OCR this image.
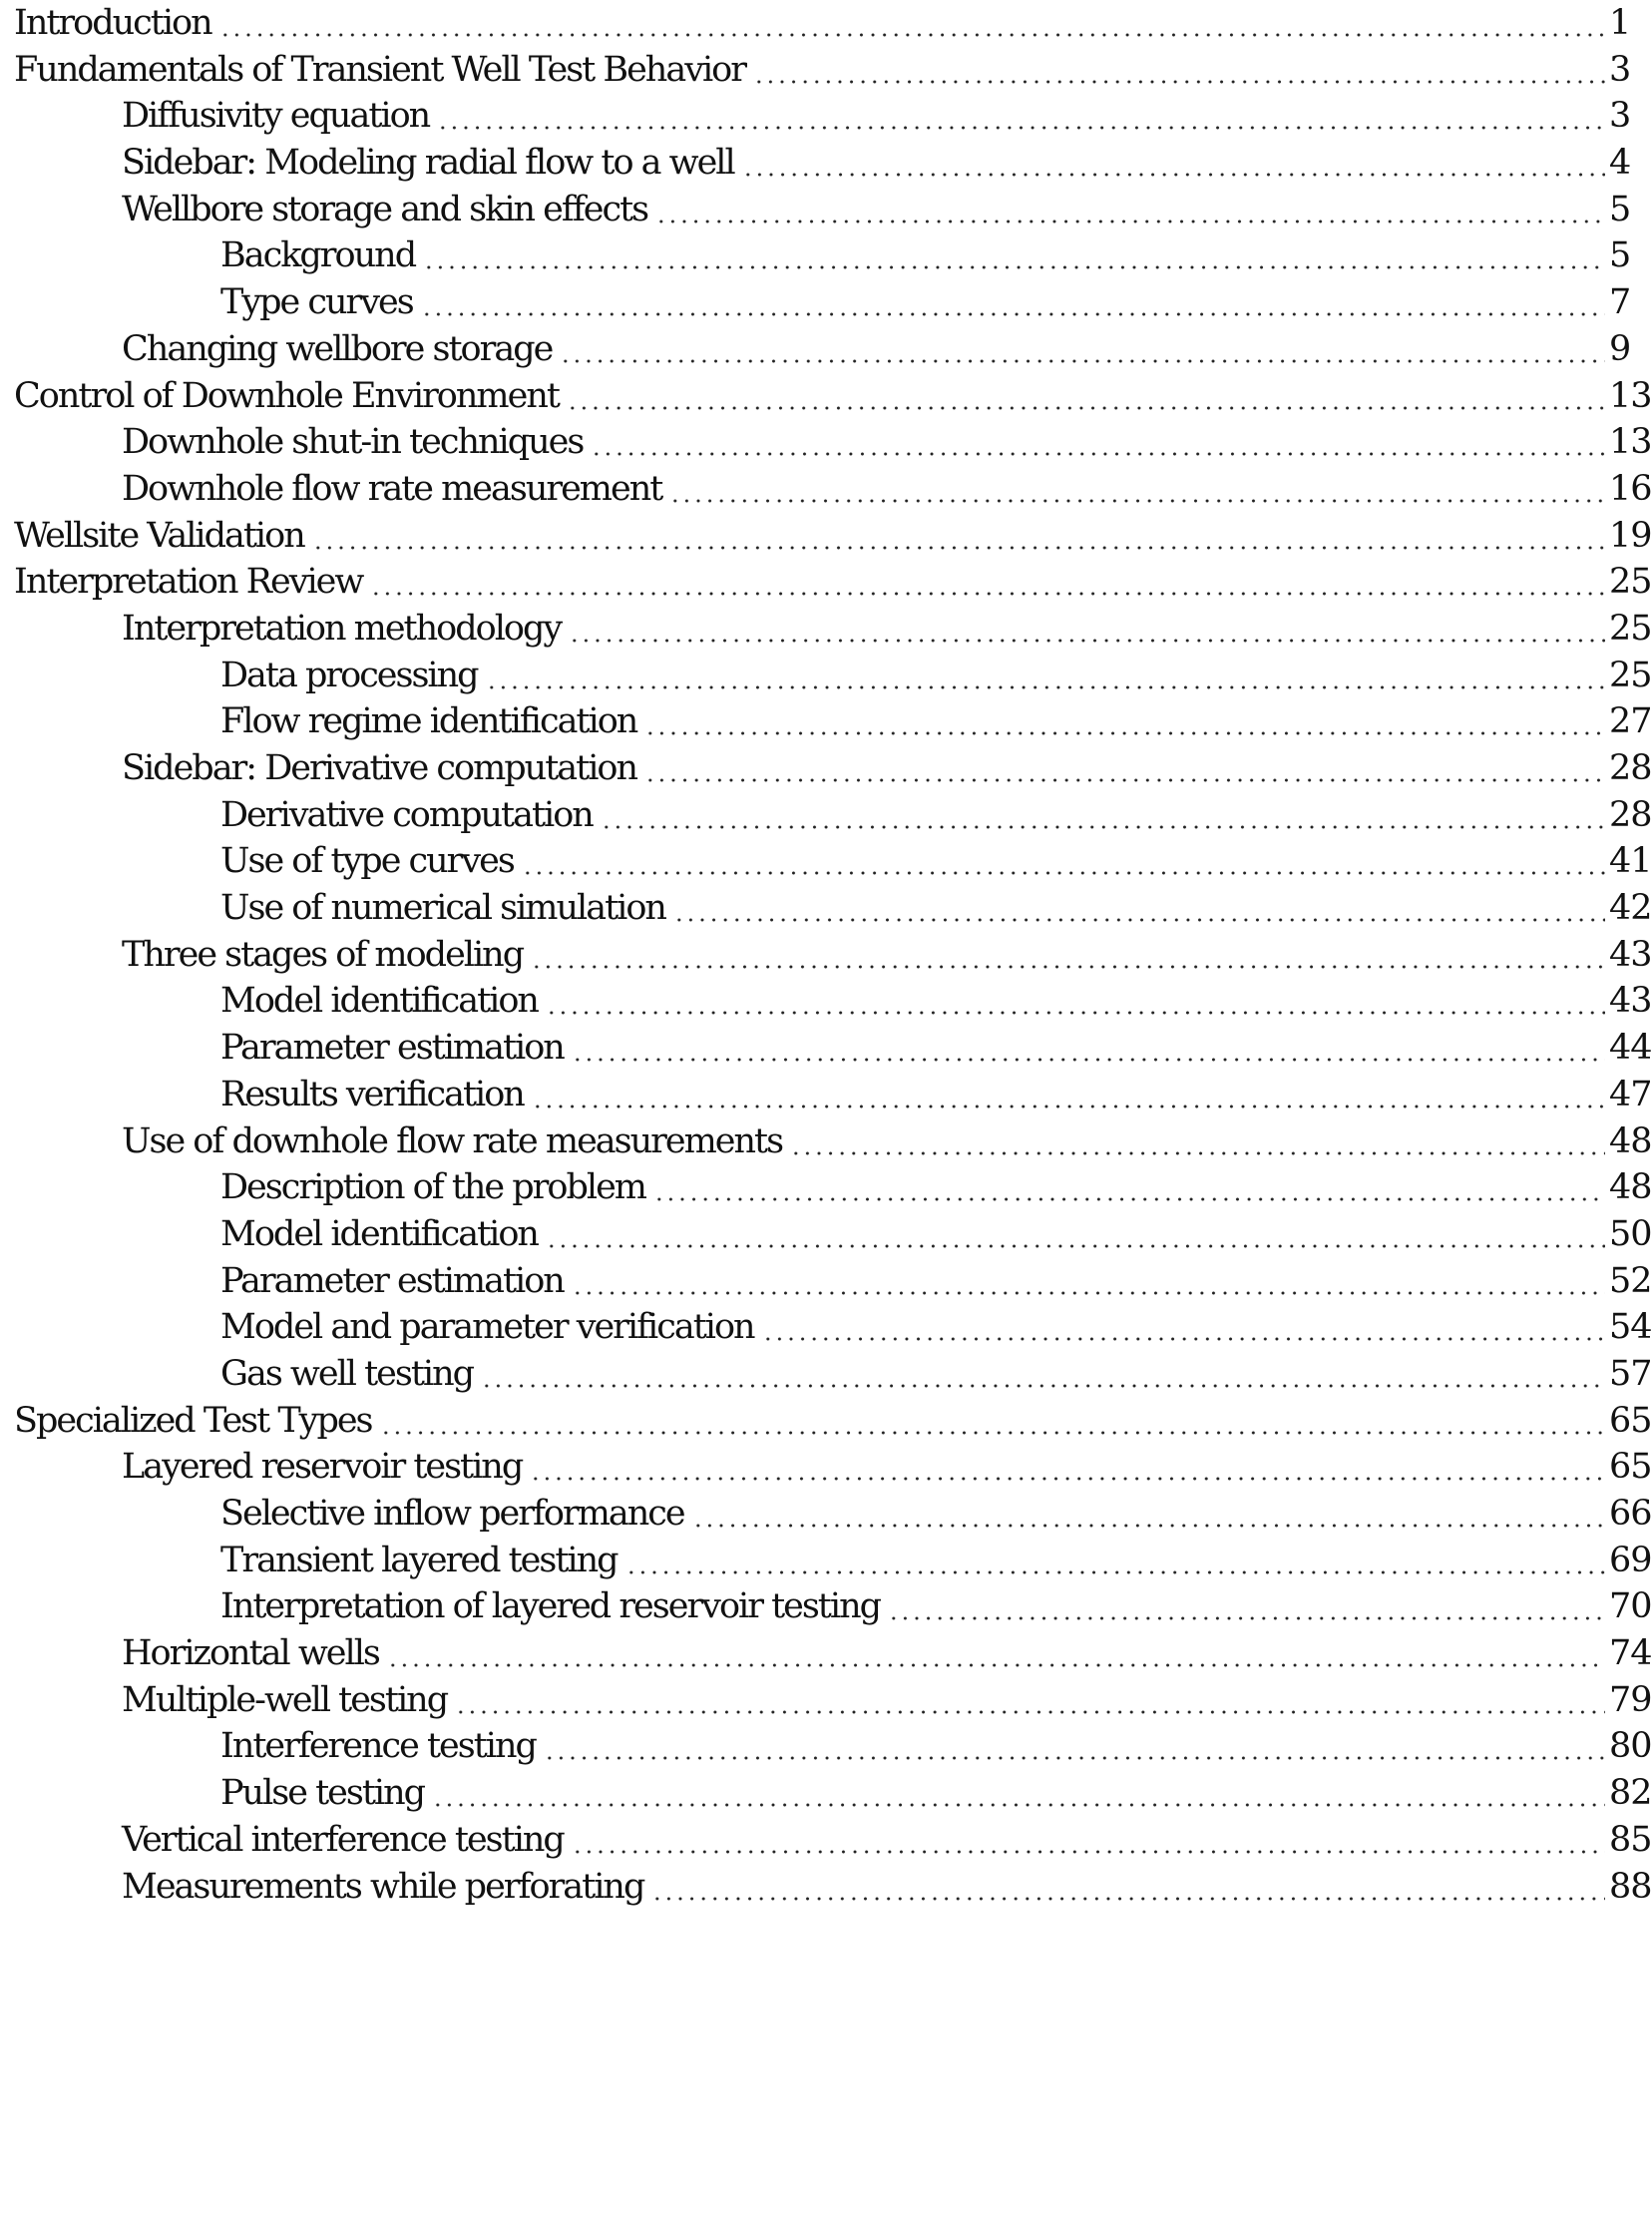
Introduction	1
Fundamentals of Transient Well Test Behavior	3
Diffusivity equation	3
Sidebar: Modeling radial flow to a well	4
Wellbore storage and skin effects	5
Background	5
Type curves	7
Changing wellbore storage	9
Control of Downhole Environment	13
Downhole shut-in techniques	13
Downhole flow rate measurement	16
Wellsite Validation	19
Interpretation Review	25
Interpretation methodology	25
Data processing	25
Flow regime identification	27
Sidebar: Derivative computation	28
Derivative computation	28
Use of type curves	41
Use of numerical simulation	42
Three stages of modeling	43
Model identification	43
Parameter estimation	44
Results verification	47
Use of downhole flow rate measurements	48
Description of the problem	48
Model identification	50
Parameter estimation	52
Model and parameter verification	54
Gas well testing	57
Specialized Test Types	65
Layered reservoir testing	65
Selective inflow performance	66
Transient layered testing	69
Interpretation of layered reservoir testing	70
Horizontal wells	74
Multiple-well testing	79
Interference testing	80
Pulse testing	82
Vertical interference testing	85
Measurements while perforating	88
